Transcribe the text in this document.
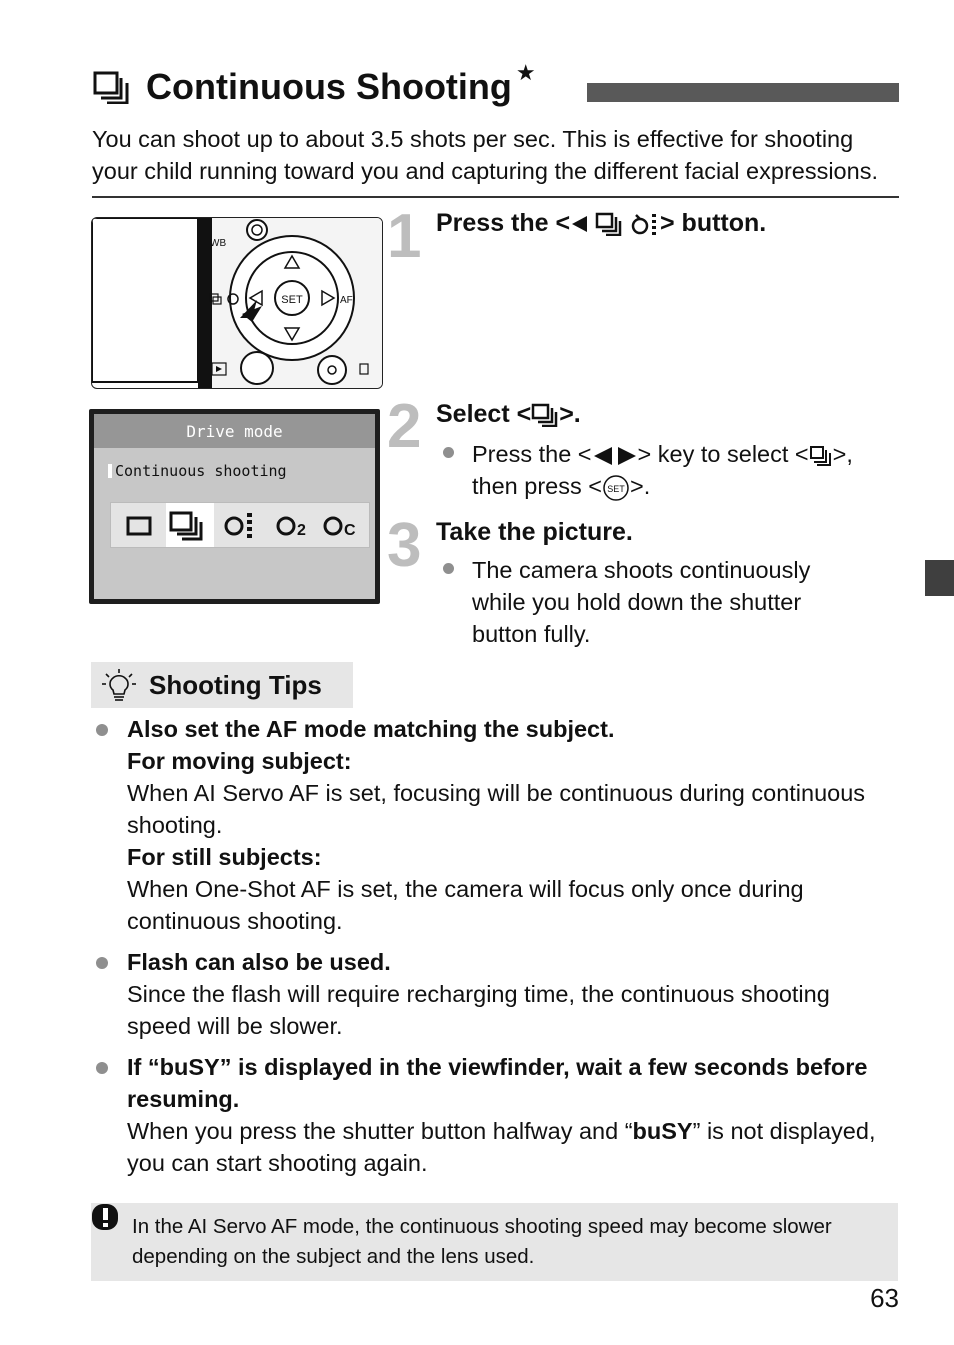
Continuous Shooting ★
You can shoot up to about 3.5 shots per sec. This is effective for shooting your child running toward you and capturing the different facial expressions.
WB
SET	AF
Drive mode
Continuous shooting
2 C
1 Press the <	> button.
2 Select < >.
Press the < > key to select < >,
then press < SET >.
3 Take the picture.
The camera shoots continuously while you hold down the shutter button fully.
Shooting Tips
Also set the AF mode matching the subject.
For moving subject:
When AI Servo AF is set, focusing will be continuous during continuous shooting.
For still subjects:
When One-Shot AF is set, the camera will focus only once during continuous shooting.
Flash can also be used.
Since the flash will require recharging time, the continuous shooting speed will be slower.
If “buSY” is displayed in the viewfinder, wait a few seconds before resuming.
When you press the shutter button halfway and “buSY” is not displayed, you can start shooting again.
In the AI Servo AF mode, the continuous shooting speed may become slower depending on the subject and the lens used.
63
